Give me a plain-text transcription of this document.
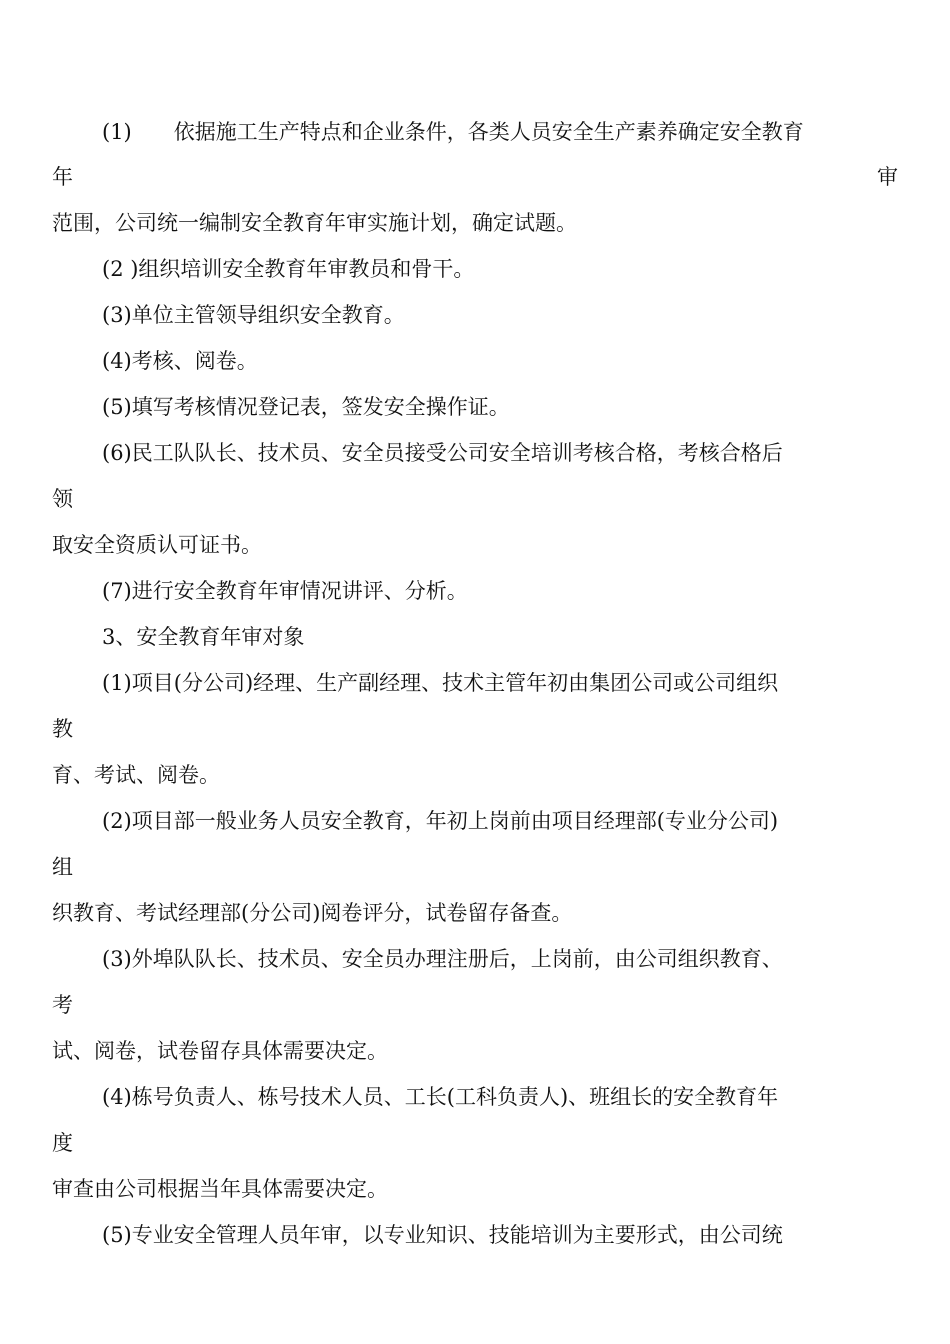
(1)　　依据施工生产特点和企业条件，各类人员安全生产素养确定安全教育

年	审

范围，公司统一编制安全教育年审实施计划，确定试题。

(2 )组织培训安全教育年审教员和骨干。

(3)单位主管领导组织安全教育。

(4)考核、阅卷。

(5)填写考核情况登记表，签发安全操作证。

(6)民工队队长、技术员、安全员接受公司安全培训考核合格，考核合格后

领

取安全资质认可证书。

(7)进行安全教育年审情况讲评、分析。

3、安全教育年审对象

(1)项目(分公司)经理、生产副经理、技术主管年初由集团公司或公司组织

教

育、考试、阅卷。

(2)项目部一般业务人员安全教育，年初上岗前由项目经理部(专业分公司)

组

织教育、考试经理部(分公司)阅卷评分，试卷留存备查。

(3)外埠队队长、技术员、安全员办理注册后，上岗前，由公司组织教育、

考

试、阅卷，试卷留存具体需要决定。

(4)栋号负责人、栋号技术人员、工长(工科负责人)、班组长的安全教育年

度

审查由公司根据当年具体需要决定。

(5)专业安全管理人员年审，以专业知识、技能培训为主要形式，由公司统
